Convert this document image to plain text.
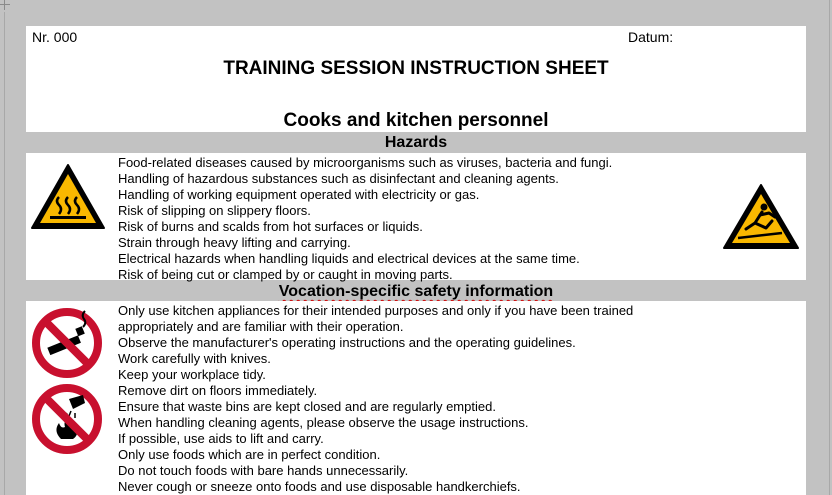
Nr. 000	Datum:
TRAINING SESSION INSTRUCTION SHEET
Cooks and kitchen personnel
Hazards
Food-related diseases caused by microorganisms such as viruses, bacteria and fungi.
Handling of hazardous substances such as disinfectant and cleaning agents.
Handling of working equipment operated with electricity or gas.
Risk of slipping on slippery floors.
Risk of burns and scalds from hot surfaces or liquids.
Strain through heavy lifting and carrying.
Electrical hazards when handling liquids and electrical devices at the same time.
Risk of being cut or clamped by or caught in moving parts.
Vocation-specific safety information
Only use kitchen appliances for their intended purposes and only if you have been trained
appropriately and are familiar with their operation.
Observe the manufacturer's operating instructions and the operating guidelines.
Work carefully with knives.
Keep your workplace tidy.
Remove dirt on floors immediately.
Ensure that waste bins are kept closed and are regularly emptied.
When handling cleaning agents, please observe the usage instructions.
If possible, use aids to lift and carry.
Only use foods which are in perfect condition.
Do not touch foods with bare hands unnecessarily.
Never cough or sneeze onto foods and use disposable handkerchiefs.
